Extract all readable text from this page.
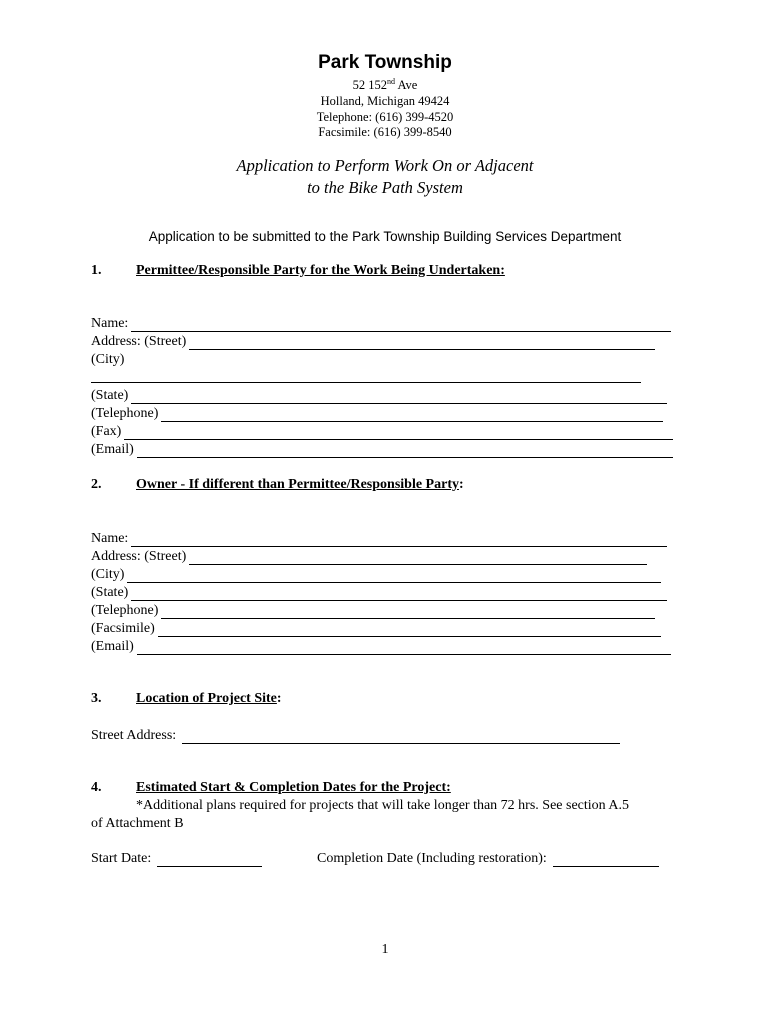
Park Township
52 152nd Ave
Holland, Michigan 49424
Telephone: (616) 399-4520
Facsimile: (616) 399-8540
Application to Perform Work On or Adjacent
to the Bike Path System
Application to be submitted to the Park Township Building Services Department
1. Permittee/Responsible Party for the Work Being Undertaken:
Name:
Address: (Street)
(City)
(State)
(Telephone)
(Fax)
(Email)
2. Owner - If different than Permittee/Responsible Party:
Name:
Address: (Street)
(City)
(State)
(Telephone)
(Facsimile)
(Email)
3. Location of Project Site:
Street Address:
4. Estimated Start & Completion Dates for the Project:
*Additional plans required for projects that will take longer than 72 hrs. See section A.5
of Attachment B
Start Date:	Completion Date (Including restoration):
1
